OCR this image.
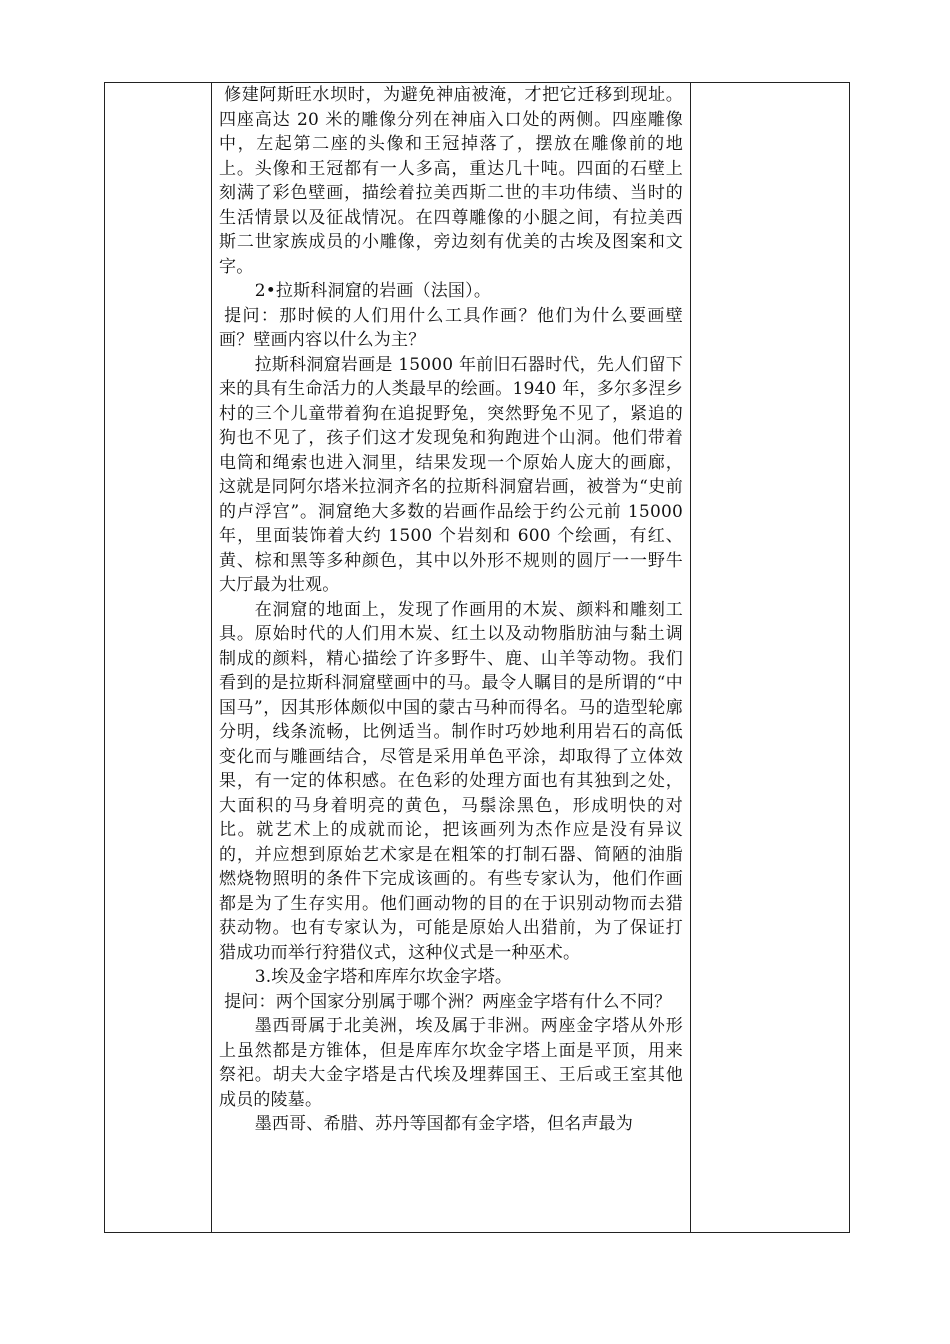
修建阿斯旺水坝时，为避免神庙被淹，才把它迁移到现址。四座高达 20 米的雕像分列在神庙入口处的两侧。四座雕像中，左起第二座的头像和王冠掉落了，摆放在雕像前的地上。头像和王冠都有一人多高，重达几十吨。四面的石壁上刻满了彩色壁画，描绘着拉美西斯二世的丰功伟绩、当时的生活情景以及征战情况。在四尊雕像的小腿之间，有拉美西斯二世家族成员的小雕像，旁边刻有优美的古埃及图案和文字。

2•拉斯科洞窟的岩画（法国）。

提问：那时候的人们用什么工具作画？他们为什么要画壁画？壁画内容以什么为主？

拉斯科洞窟岩画是 15000 年前旧石器时代，先人们留下来的具有生命活力的人类最早的绘画。1940 年，多尔多涅乡村的三个儿童带着狗在追捉野兔，突然野兔不见了，紧追的狗也不见了，孩子们这才发现兔和狗跑进个山洞。他们带着电筒和绳索也进入洞里，结果发现一个原始人庞大的画廊，这就是同阿尔塔米拉洞齐名的拉斯科洞窟岩画，被誉为“史前的卢浮宫”。洞窟绝大多数的岩画作品绘于约公元前 15000 年，里面装饰着大约 1500 个岩刻和 600 个绘画，有红、黄、棕和黑等多种颜色，其中以外形不规则的圆厅一一野牛大厅最为壮观。

在洞窟的地面上，发现了作画用的木炭、颜料和雕刻工具。原始时代的人们用木炭、红土以及动物脂肪油与黏土调制成的颜料，精心描绘了许多野牛、鹿、山羊等动物。我们看到的是拉斯科洞窟壁画中的马。最令人瞩目的是所谓的“中国马”，因其形体颇似中国的蒙古马种而得名。马的造型轮廓分明，线条流畅，比例适当。制作时巧妙地利用岩石的高低变化而与雕画结合，尽管是采用单色平涂，却取得了立体效果，有一定的体积感。在色彩的处理方面也有其独到之处，大面积的马身着明亮的黄色，马鬃涂黑色，形成明快的对比。就艺术上的成就而论，把该画列为杰作应是没有异议的，并应想到原始艺术家是在粗笨的打制石器、简陋的油脂燃烧物照明的条件下完成该画的。有些专家认为，他们作画都是为了生存实用。他们画动物的目的在于识别动物而去猎获动物。也有专家认为，可能是原始人出猎前，为了保证打猎成功而举行狩猎仪式，这种仪式是一种巫术。

3.埃及金字塔和库库尔坎金字塔。

提问：两个国家分别属于哪个洲？两座金字塔有什么不同？

墨西哥属于北美洲，埃及属于非洲。两座金字塔从外形上虽然都是方锥体，但是库库尔坎金字塔上面是平顶，用来祭祀。胡夫大金字塔是古代埃及埋葬国王、王后或王室其他成员的陵墓。

墨西哥、希腊、苏丹等国都有金字塔，但名声最为
